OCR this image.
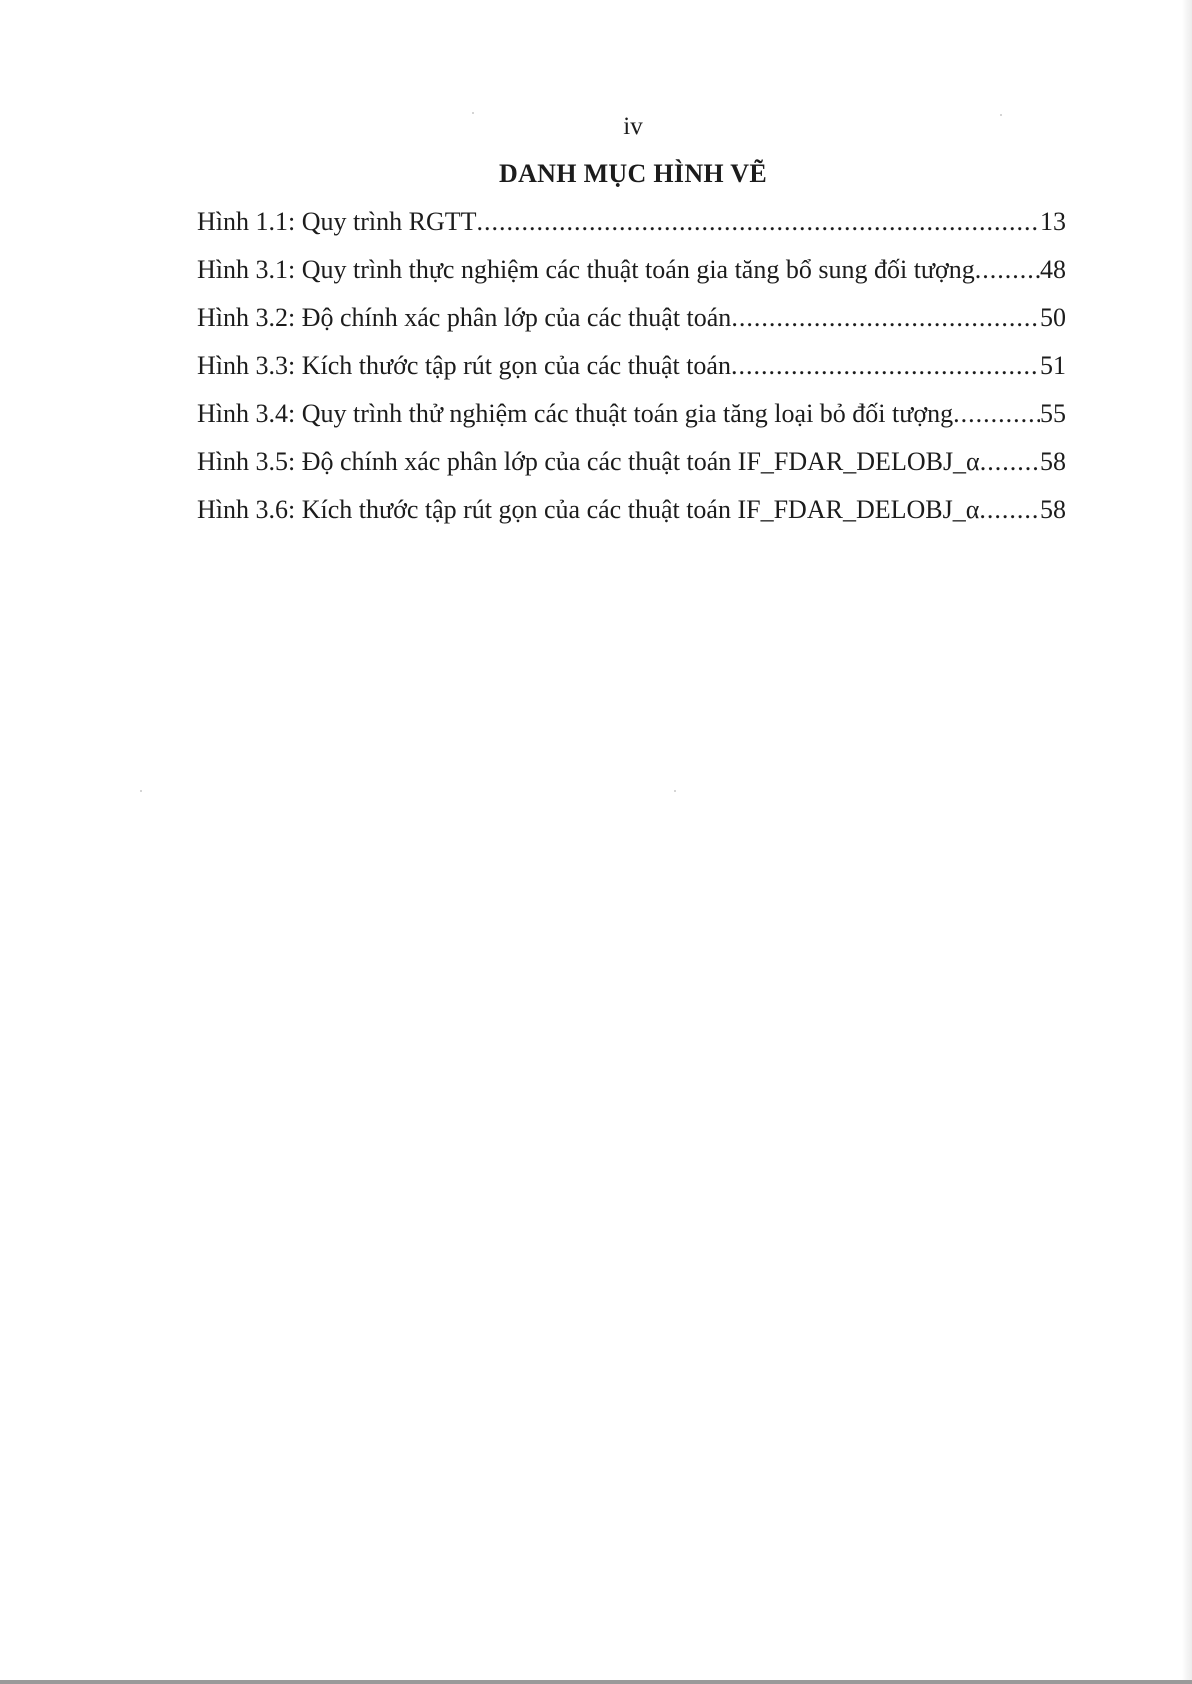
iv
DANH MỤC HÌNH VẼ
Hình 1.1: Quy trình RGTT .....	13
Hình 3.1: Quy trình thực nghiệm các thuật toán gia tăng bổ sung đối tượng .....	48
Hình 3.2: Độ chính xác phân lớp của các thuật toán .....	50
Hình 3.3: Kích thước tập rút gọn của các thuật toán .....	51
Hình 3.4: Quy trình thử nghiệm các thuật toán gia tăng loại bỏ đối tượng .....	55
Hình 3.5: Độ chính xác phân lớp của các thuật toán IF_FDAR_DELOBJ_α ..... 58
Hình 3.6: Kích thước tập rút gọn của các thuật toán IF_FDAR_DELOBJ_α ..... 58
